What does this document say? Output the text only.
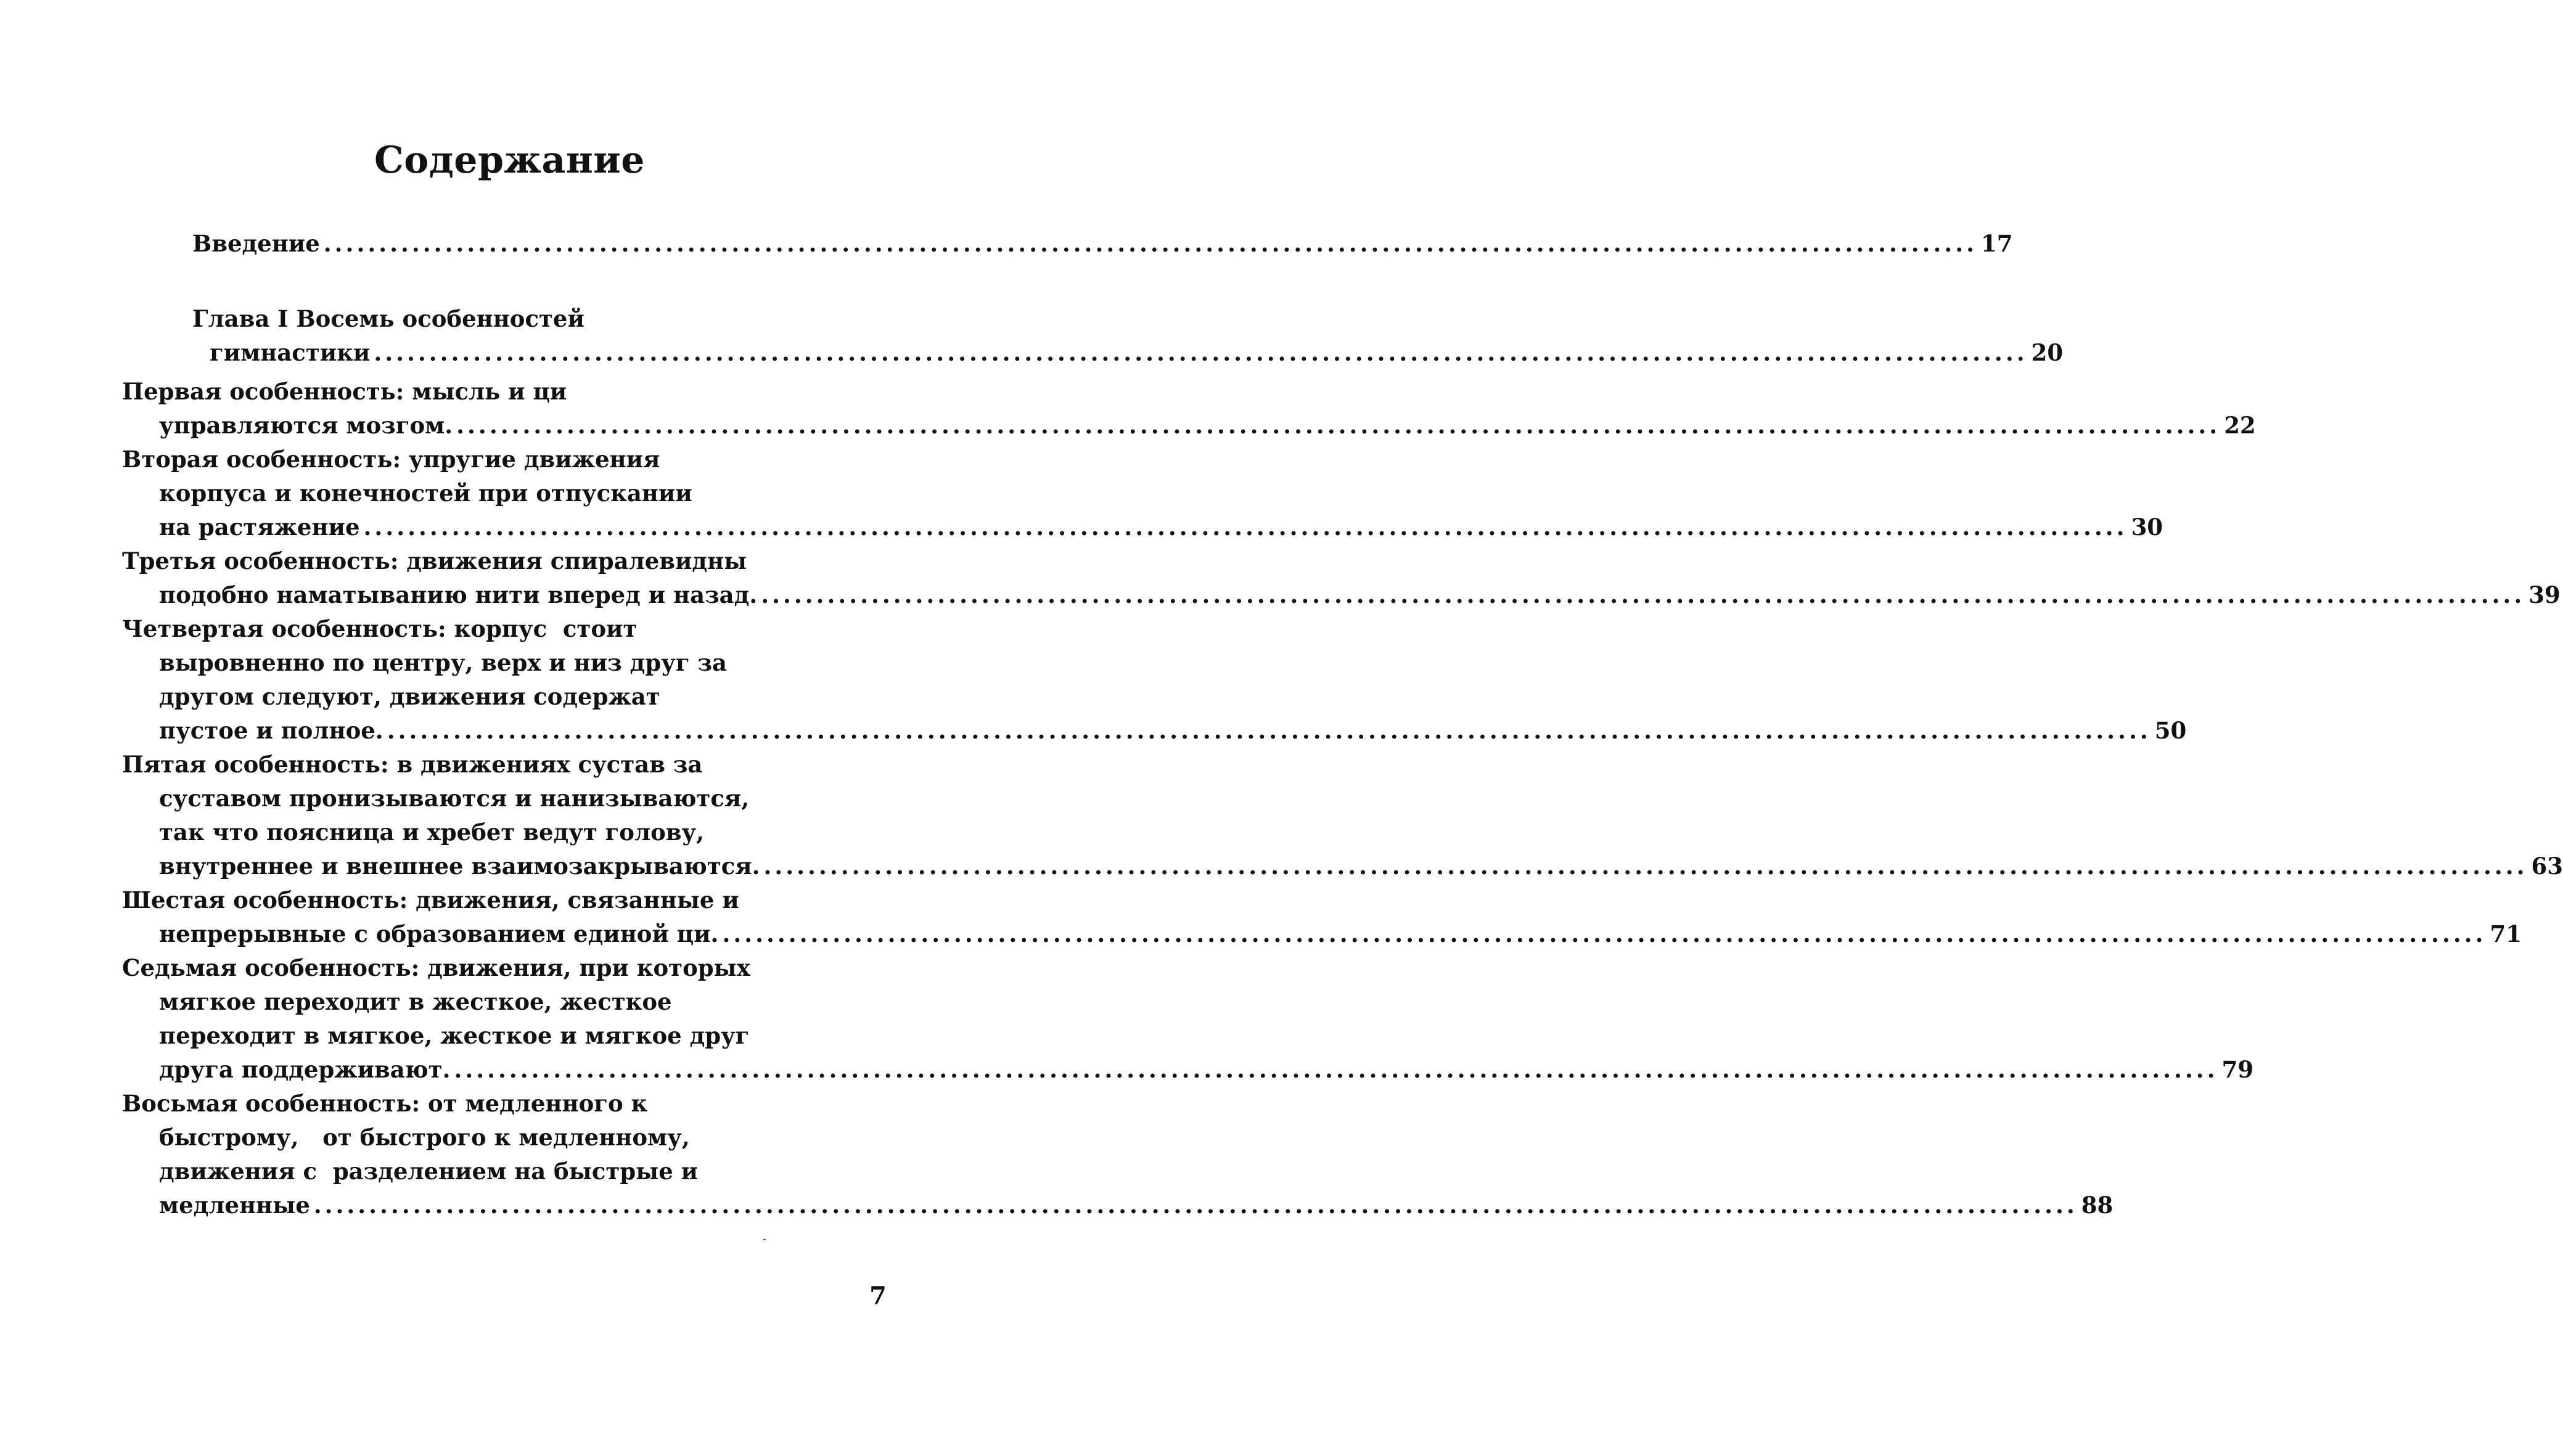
Содержание
Введение ...................................................................................................................................................... 17
Глава I Восемь особенностей
гимнастики ...................................................................................................................................................... 20
Первая особенность: мысль и ци
управляются мозгом. ................................................................................................................................................................ 22
Вторая особенность: упругие движения
корпуса и конечностей при отпускании
на растяжение ................................................................................................................................................................ 30
Третья особенность: движения спиралевидны
подобно наматыванию нити вперед и назад. ................................................................................................................................................................ 39
Четвертая особенность: корпус  стоит
выровненно по центру, верх и низ друг за
другом следуют, движения содержат
пустое и полное. ................................................................................................................................................................ 50
Пятая особенность: в движениях сустав за
суставом пронизываются и нанизываются,
так что поясница и хребет ведут голову,
внутреннее и внешнее взаимозакрываются. ................................................................................................................................................................ 63
Шестая особенность: движения, связанные и
непрерывные с образованием единой ци. ................................................................................................................................................................ 71
Седьмая особенность: движения, при которых
мягкое переходит в жесткое, жесткое
переходит в мягкое, жесткое и мягкое друг
друга поддерживают. ................................................................................................................................................................ 79
Восьмая особенность: от медленного к
быстрому,   от быстрого к медленному,
движения с  разделением на быстрые и
медленные ................................................................................................................................................................ 88
7
